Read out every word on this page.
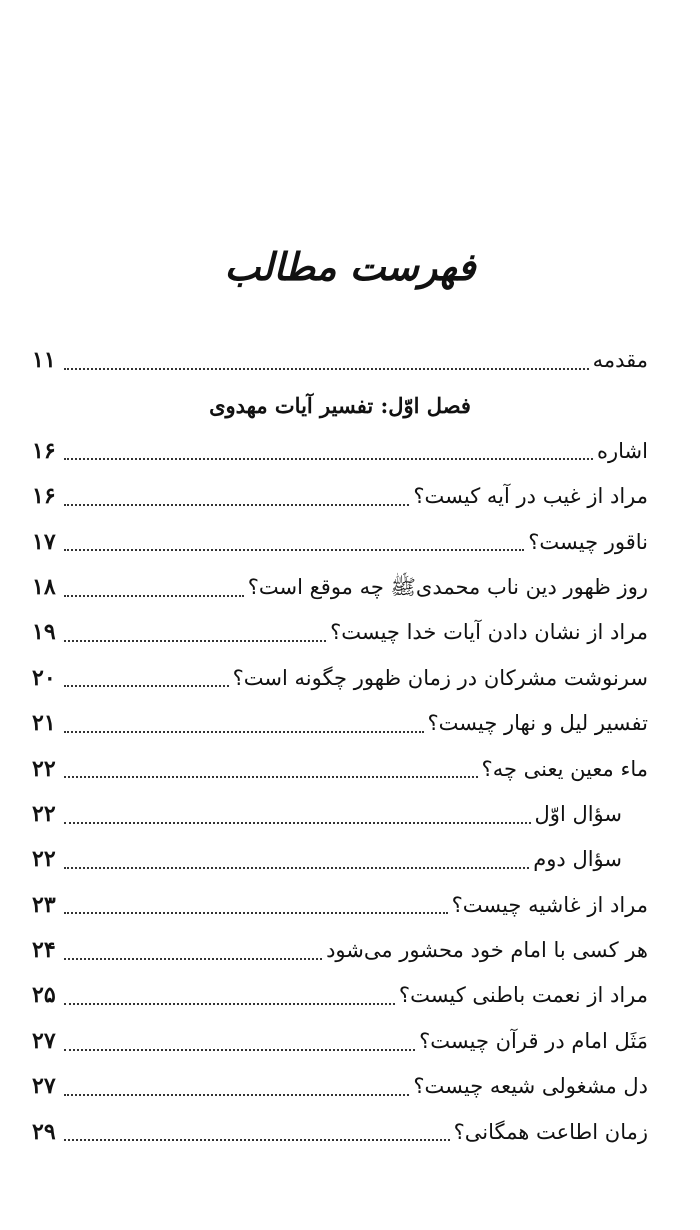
فهرست مطالب
مقدمه
۱۱
فصل اوّل: تفسیر آیات مهدوی
اشاره
۱۶
مراد از غیب در آیه کیست؟
۱۶
ناقور چیست؟
۱۷
روز ظهور دین ناب محمدیﷺ چه موقع است؟
۱۸
مراد از نشان دادن آیات خدا چیست؟
۱۹
سرنوشت مشرکان در زمان ظهور چگونه است؟
۲۰
تفسیر لیل و نهار چیست؟
۲۱
ماء معین یعنی چه؟
۲۲
سؤال اوّل
۲۲
سؤال دوم
۲۲
مراد از غاشیه چیست؟
۲۳
هر کسی با امام خود محشور می‌شود
۲۴
مراد از نعمت باطنی کیست؟
۲۵
مَثَل امام در قرآن چیست؟
۲۷
دل مشغولی شیعه چیست؟
۲۷
زمان اطاعت همگانی؟
۲۹
